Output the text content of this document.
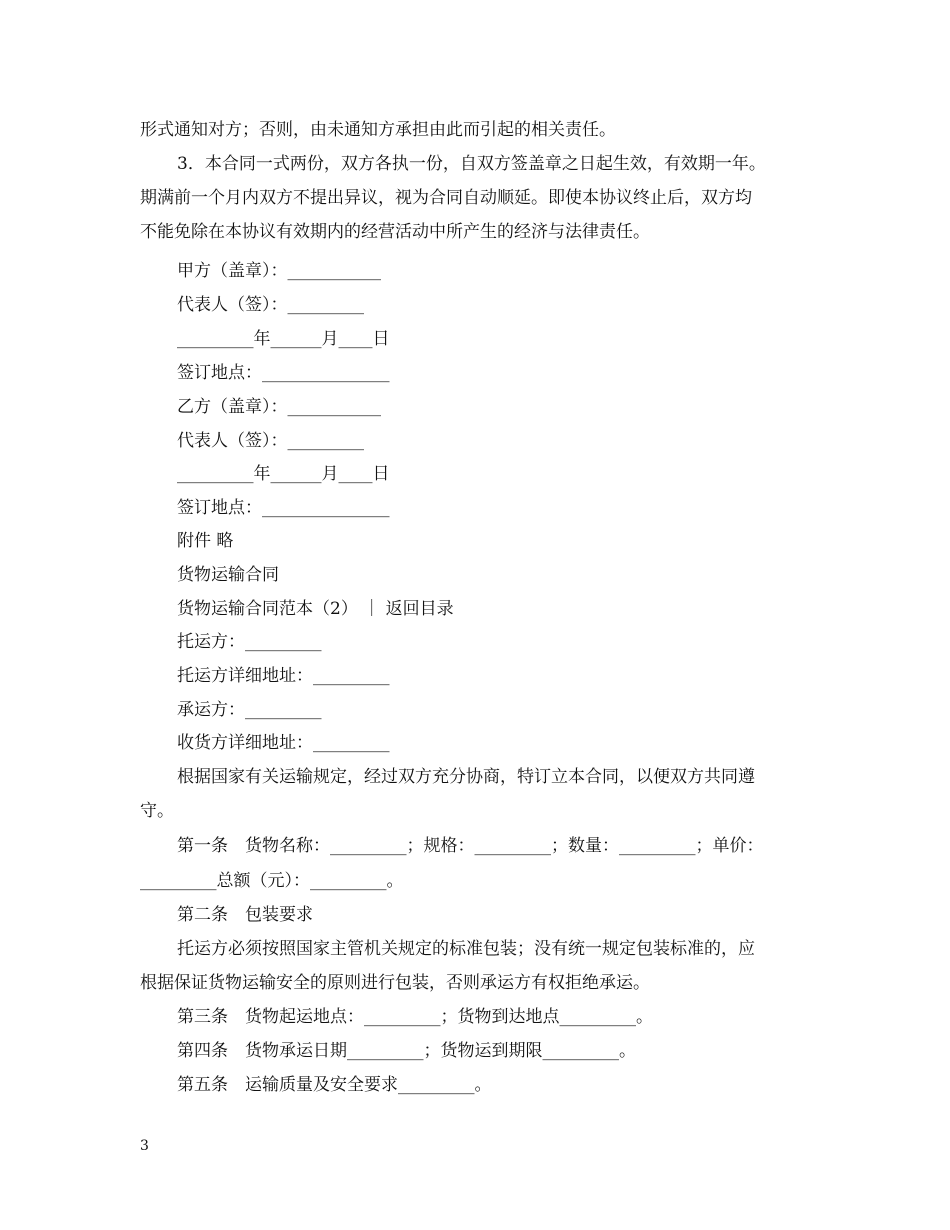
形式通知对方；否则，由未通知方承担由此而引起的相关责任。
3．本合同一式两份，双方各执一份，自双方签盖章之日起生效，有效期一年。
期满前一个月内双方不提出异议，视为合同自动顺延。即使本协议终止后，双方均
不能免除在本协议有效期内的经营活动中所产生的经济与法律责任。
甲方（盖章）：___________
代表人（签）：_________
_________年______月____日
签订地点：_______________
乙方（盖章）：___________
代表人（签）：_________
_________年______月____日
签订地点：_______________
附件 略
货物运输合同
货物运输合同范本（2） ｜ 返回目录
托运方：_________
托运方详细地址：_________
承运方：_________
收货方详细地址：_________
根据国家有关运输规定，经过双方充分协商，特订立本合同，以便双方共同遵
守。
第一条　货物名称：_________；规格：_________；数量：_________；单价：
_________总额（元）：_________。
第二条　包装要求
托运方必须按照国家主管机关规定的标准包装；没有统一规定包装标准的，应
根据保证货物运输安全的原则进行包装，否则承运方有权拒绝承运。
第三条　货物起运地点：_________；货物到达地点_________。
第四条　货物承运日期_________；货物运到期限_________。
第五条　运输质量及安全要求_________。
3
